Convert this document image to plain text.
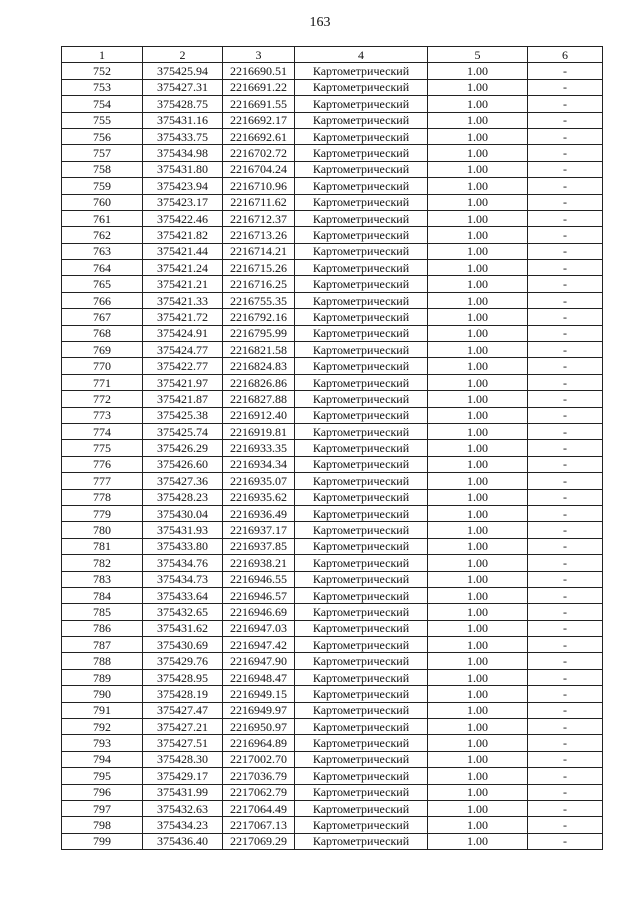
163
1	2	3	4	5	6
752	375425.94	2216690.51	Картометрический	1.00	-
753	375427.31	2216691.22	Картометрический	1.00	-
754	375428.75	2216691.55	Картометрический	1.00	-
755	375431.16	2216692.17	Картометрический	1.00	-
756	375433.75	2216692.61	Картометрический	1.00	-
757	375434.98	2216702.72	Картометрический	1.00	-
758	375431.80	2216704.24	Картометрический	1.00	-
759	375423.94	2216710.96	Картометрический	1.00	-
760	375423.17	2216711.62	Картометрический	1.00	-
761	375422.46	2216712.37	Картометрический	1.00	-
762	375421.82	2216713.26	Картометрический	1.00	-
763	375421.44	2216714.21	Картометрический	1.00	-
764	375421.24	2216715.26	Картометрический	1.00	-
765	375421.21	2216716.25	Картометрический	1.00	-
766	375421.33	2216755.35	Картометрический	1.00	-
767	375421.72	2216792.16	Картометрический	1.00	-
768	375424.91	2216795.99	Картометрический	1.00	-
769	375424.77	2216821.58	Картометрический	1.00	-
770	375422.77	2216824.83	Картометрический	1.00	-
771	375421.97	2216826.86	Картометрический	1.00	-
772	375421.87	2216827.88	Картометрический	1.00	-
773	375425.38	2216912.40	Картометрический	1.00	-
774	375425.74	2216919.81	Картометрический	1.00	-
775	375426.29	2216933.35	Картометрический	1.00	-
776	375426.60	2216934.34	Картометрический	1.00	-
777	375427.36	2216935.07	Картометрический	1.00	-
778	375428.23	2216935.62	Картометрический	1.00	-
779	375430.04	2216936.49	Картометрический	1.00	-
780	375431.93	2216937.17	Картометрический	1.00	-
781	375433.80	2216937.85	Картометрический	1.00	-
782	375434.76	2216938.21	Картометрический	1.00	-
783	375434.73	2216946.55	Картометрический	1.00	-
784	375433.64	2216946.57	Картометрический	1.00	-
785	375432.65	2216946.69	Картометрический	1.00	-
786	375431.62	2216947.03	Картометрический	1.00	-
787	375430.69	2216947.42	Картометрический	1.00	-
788	375429.76	2216947.90	Картометрический	1.00	-
789	375428.95	2216948.47	Картометрический	1.00	-
790	375428.19	2216949.15	Картометрический	1.00	-
791	375427.47	2216949.97	Картометрический	1.00	-
792	375427.21	2216950.97	Картометрический	1.00	-
793	375427.51	2216964.89	Картометрический	1.00	-
794	375428.30	2217002.70	Картометрический	1.00	-
795	375429.17	2217036.79	Картометрический	1.00	-
796	375431.99	2217062.79	Картометрический	1.00	-
797	375432.63	2217064.49	Картометрический	1.00	-
798	375434.23	2217067.13	Картометрический	1.00	-
799	375436.40	2217069.29	Картометрический	1.00	-
